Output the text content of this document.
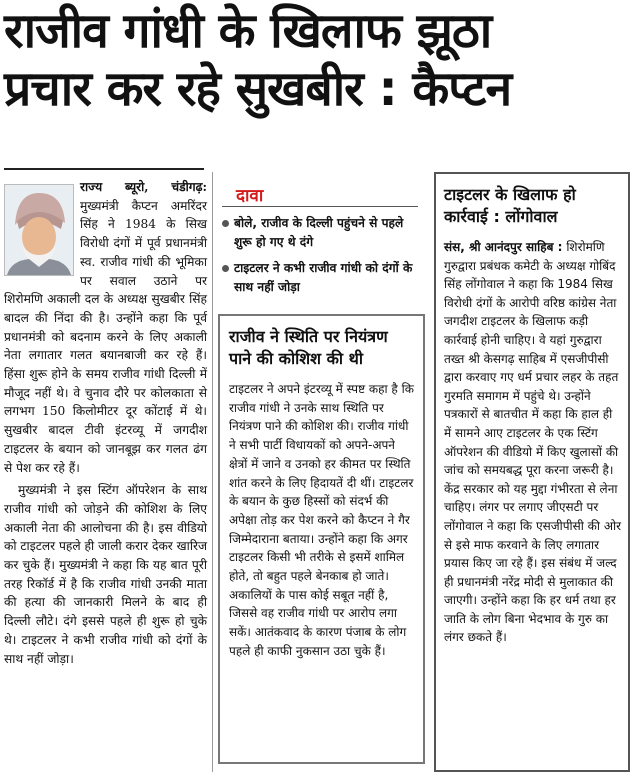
राजीव गांधी के खिलाफ झूठा
प्रचार कर रहे सुखबीर : कैप्टन

राज्य ब्यूरो, चंडीगढ़:
मुख्यमंत्री कैप्टन अमरिंदर सिंह ने 1984 के सिख विरोधी दंगों में पूर्व प्रधानमंत्री स्व. राजीव गांधी की भूमिका पर सवाल उठाने पर शिरोमणि अकाली दल के अध्यक्ष सुखबीर सिंह बादल की निंदा की है। उन्होंने कहा कि पूर्व प्रधानमंत्री को बदनाम करने के लिए अकाली नेता लगातार गलत बयानबाजी कर रहे हैं। हिंसा शुरू होने के समय राजीव गांधी दिल्ली में मौजूद नहीं थे। वे चुनाव दौरे पर कोलकाता से लगभग 150 किलोमीटर दूर कोंटाई में थे। सुखबीर बादल टीवी इंटरव्यू में जगदीश टाइटलर के बयान को जानबूझ कर गलत ढंग से पेश कर रहे हैं।

मुख्यमंत्री ने इस स्टिंग ऑपरेशन के साथ राजीव गांधी को जोड़ने की कोशिश के लिए अकाली नेता की आलोचना की है। इस वीडियो को टाइटलर पहले ही जाली करार देकर खारिज कर चुके हैं। मुख्यमंत्री ने कहा कि यह बात पूरी तरह रिकॉर्ड में है कि राजीव गांधी उनकी माता की हत्या की जानकारी मिलने के बाद ही दिल्ली लौटे। दंगे इससे पहले ही शुरू हो चुके थे। टाइटलर ने कभी राजीव गांधी को दंगों के साथ नहीं जोड़ा।

दावा
बोले, राजीव के दिल्ली पहुंचने से पहले शुरू हो गए थे दंगे
टाइटलर ने कभी राजीव गांधी को दंगों के साथ नहीं जोड़ा
राजीव ने स्थिति पर नियंत्रण पाने की कोशिश की थी

टाइटलर ने अपने इंटरव्यू में स्पष्ट कहा है कि राजीव गांधी ने उनके साथ स्थिति पर नियंत्रण पाने की कोशिश की। राजीव गांधी ने सभी पार्टी विधायकों को अपने-अपने क्षेत्रों में जाने व उनको हर कीमत पर स्थिति शांत करने के लिए हिदायतें दी थीं। टाइटलर के बयान के कुछ हिस्सों को संदर्भ की अपेक्षा तोड़ कर पेश करने को कैप्टन ने गैर जिम्मेदाराना बताया। उन्होंने कहा कि अगर टाइटलर किसी भी तरीके से इसमें शामिल होते, तो बहुत पहले बेनकाब हो जाते। अकालियों के पास कोई सबूत नहीं है, जिससे वह राजीव गांधी पर आरोप लगा सकें। आतंकवाद के कारण पंजाब के लोग पहले ही काफी नुकसान उठा चुके हैं।

टाइटलर के खिलाफ हो कार्रवाई : लोंगोवाल

संस, श्री आनंदपुर साहिब : शिरोमणि गुरुद्वारा प्रबंधक कमेटी के अध्यक्ष गोबिंद सिंह लोंगोवाल ने कहा कि 1984 सिख विरोधी दंगों के आरोपी वरिष्ठ कांग्रेस नेता जगदीश टाइटलर के खिलाफ कड़ी कार्रवाई होनी चाहिए। वे यहां गुरुद्वारा तख्त श्री केसगढ़ साहिब में एसजीपीसी द्वारा करवाए गए धर्म प्रचार लहर के तहत गुरमति समागम में पहुंचे थे। उन्होंने पत्रकारों से बातचीत में कहा कि हाल ही में सामने आए टाइटलर के एक स्टिंग ऑपरेशन की वीडियो में किए खुलासों की जांच को समयबद्ध पूरा करना जरूरी है। केंद्र सरकार को यह मुद्दा गंभीरता से लेना चाहिए। लंगर पर लगाए जीएसटी पर लोंगोवाल ने कहा कि एसजीपीसी की ओर से इसे माफ करवाने के लिए लगातार प्रयास किए जा रहे हैं। इस संबंध में जल्द ही प्रधानमंत्री नरेंद्र मोदी से मुलाकात की जाएगी। उन्होंने कहा कि हर धर्म तथा हर जाति के लोग बिना भेदभाव के गुरु का लंगर छकते हैं।
